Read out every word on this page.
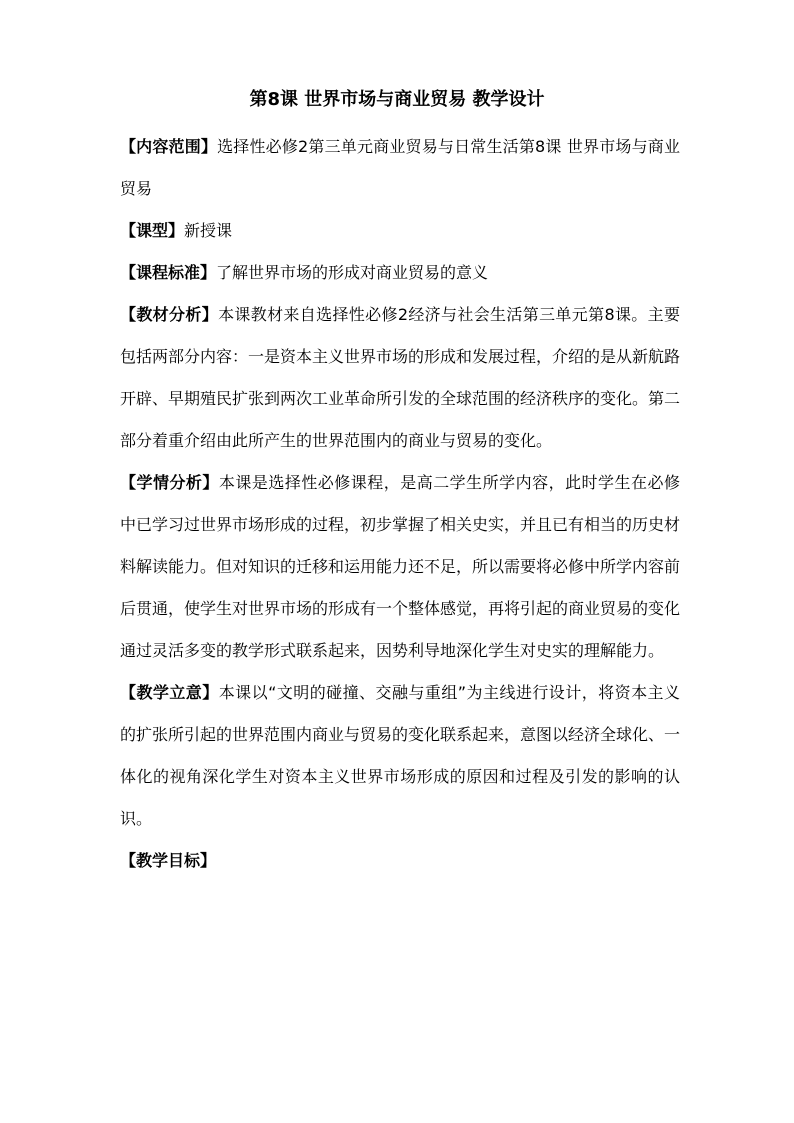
第8课 世界市场与商业贸易 教学设计

【内容范围】选择性必修2第三单元商业贸易与日常生活第8课 世界市场与商业贸易

【课型】新授课

【课程标准】了解世界市场的形成对商业贸易的意义

【教材分析】本课教材来自选择性必修2经济与社会生活第三单元第8课。主要包括两部分内容：一是资本主义世界市场的形成和发展过程，介绍的是从新航路开辟、早期殖民扩张到两次工业革命所引发的全球范围的经济秩序的变化。第二部分着重介绍由此所产生的世界范围内的商业与贸易的变化。

【学情分析】本课是选择性必修课程，是高二学生所学内容，此时学生在必修中已学习过世界市场形成的过程，初步掌握了相关史实，并且已有相当的历史材料解读能力。但对知识的迁移和运用能力还不足，所以需要将必修中所学内容前后贯通，使学生对世界市场的形成有一个整体感觉，再将引起的商业贸易的变化通过灵活多变的教学形式联系起来，因势利导地深化学生对史实的理解能力。

【教学立意】本课以“文明的碰撞、交融与重组”为主线进行设计，将资本主义的扩张所引起的世界范围内商业与贸易的变化联系起来，意图以经济全球化、一体化的视角深化学生对资本主义世界市场形成的原因和过程及引发的影响的认识。

【教学目标】
